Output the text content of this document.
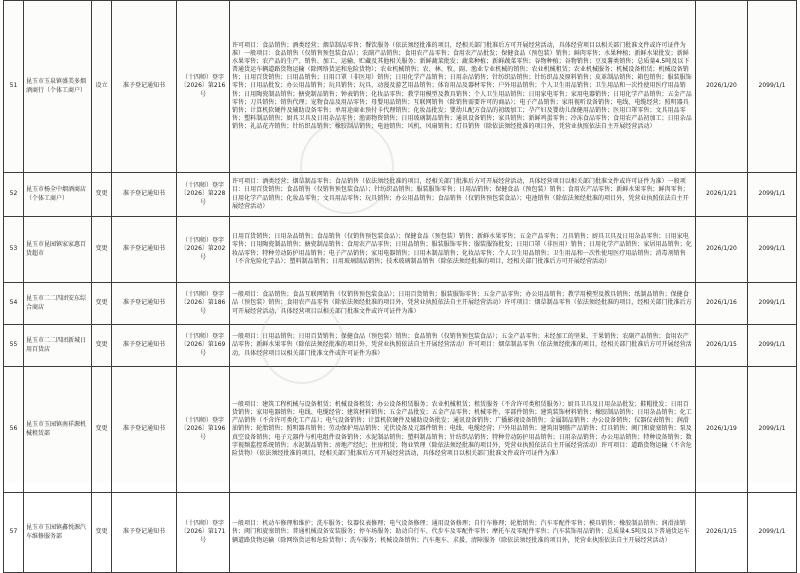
51	昆玉市玉泉镇盛美多烟酒商行（个体工商户）	设立	准予登记通知书	（十四师）登字〔2026〕第216号	许可项目：食品销售；酒类经营；烟草制品零售；餐饮服务（依法须经批准的项目，经相关部门批准后方可开展经营活动，具体经营项目以相关部门批准文件或许可证件为准）一般项目：食品销售（仅销售预包装食品）；农副产品销售；食用农产品零售；食用农产品批发；保健食品（预包装）销售；鲜肉零售；水果种植；新鲜水果批发；新鲜水果零售；农产品的生产、销售、加工、运输、贮藏及其他相关服务；新鲜蔬菜批发；蔬菜种植；新鲜蔬菜零售；谷物种植；谷物销售；豆及薯类销售；总质量4.5吨及以下普通货运车辆道路货物运输（除网络货运和危险货物）；农业机械销售；农、林、牧、副、渔业专业机械的销售；农业机械租赁；农业机械服务；机械设备租赁；机械设备销售；日用百货销售；日用品销售；日用口罩（非医用）销售；日用化学产品销售；日用杂品销售；针纺织品销售；针纺织品及原料销售；皮革制品销售；箱包销售；服装服饰零售；日用品批发；办公用品销售；玩具销售；玩具、动漫及游艺用品销售；体育用品及器材零售；户外用品销售；个人卫生用品销售；卫生用品和一次性使用医疗用品销售；日用陶瓷制品销售；搪瓷制品销售；钟表销售；化妆品零售；教学用模型及教具销售；个人卫生用品销售；日用家电零售；家用电器销售；日用化学产品销售；五金产品零售；刀具销售；销售代理；宠物食品及用品零售；母婴用品销售；互联网销售（除销售需要许可的商品）；电子产品销售；家用视听设备销售；电线、电缆经营；照明器具销售；计算机软硬件及辅助设备零售；单用途商业预付卡代理销售；化妆品批发；婴幼儿配方食品的初级加工；孕产妇及婴幼儿保健用品销售；医用口罩零售；文具用品零售；塑料制品销售；厨具卫具及日用杂品零售；渔需物资销售；日用玻璃制品销售；通讯设备销售；家具销售；新鲜鸡蛋零售；冷冻食品零售；食用农产品初加工；日用杂品销售；礼品花卉销售；针纺织品销售；橡胶制品销售；电池销售；风机、风扇销售；灯具销售（除依法须经批准的项目外，凭营业执照依法自主开展经营活动）	2026/1/20	2099/1/1
52	昆玉市杨全中烟酒商店（个体工商户）	变更	准予登记通知书	（十四师）登字〔2026〕第228号	许可项目：酒类经营；烟草制品零售；食品销售（依法须经批准的项目，经相关部门批准后方可开展经营活动，具体经营项目以相关部门批准文件或许可证件为准）一般项目：日用百货销售；食品销售（仅销售预包装食品）；针纺织品销售；服装服饰零售；日用品销售；保健食品（预包装）销售；食用农产品零售；新鲜水果零售；鲜肉零售；日用化学产品销售；化妆品零售；文具用品零售；玩具销售；办公用品销售；食品销售（仅销售预包装食品）；电池销售（除依法须经批准的项目外，凭营业执照依法自主开展经营活动）	2026/1/21	2099/1/1
53	昆玉市昆园镇家家惠百货超市	变更	准予登记通知书	（十四师）登字〔2026〕第202号	日用百货销售；日用杂品销售；食品销售（仅销售预包装食品）；保健食品（预包装）销售；新鲜水果零售；五金产品零售；刀具销售；厨具卫具及日用杂品零售；日用家电零售；日用陶瓷制品销售；搪瓷制品销售；食用农产品零售；日用品销售；服装服饰零售；服装服饰批发；日用口罩（非医用）销售；日用化学产品销售；家居用品销售；化妆品零售；特种劳动防护用品销售；电子产品销售；家用电器销售；日用木制品销售；化妆品零售；个人卫生用品销售；卫生用品和一次性使用医疗用品销售；消毒剂销售（不含危险化学品）；塑料制品销售；日用玻璃制品销售；技术玻璃制品销售（除依法须经批准的项目，经相关部门批准后方可开展经营活动）	2026/1/20	2099/1/1
54	昆玉市二二四团安东综合商店	变更	准予登记通知书	（十四师）登字〔2026〕第186号	一般项目：食品销售；食品互联网销售（仅销售预包装食品）；日用百货销售；服装服饰零售；五金产品零售；办公用品销售；教学用模型及教具销售；纸制品销售；保健食品（预包装）销售；食用农产品零售（除依法须经批准的项目外，凭营业执照依法自主开展经营活动）许可项目：烟草制品零售（依法须经批准的项目，经相关部门批准后方可开展经营活动，具体经营项目以相关部门批准文件或许可证件为准）	2026/1/16	2099/1/1
55	昆玉市二二四团新城日用百货店	变更	准予登记通知书	（十四师）登字〔2026〕第169号	一般项目：日用品销售；日用百货销售；保健食品（预包装）销售；食品销售（仅销售预包装食品）；五金产品零售；未经加工的坚果、干果销售；农副产品销售；食用农产品零售；新鲜水果零售（除依法须经批准的项目外，凭营业执照依法自主开展经营活动）许可项目：烟草制品零售（依法须经批准的项目，经相关部门批准后方可开展经营活动，具体经营项目以相关部门批准文件或许可证件为准）	2026/1/15	2099/1/1
56	昆玉市玉园镇南祥源机械租赁部	变更	准予登记通知书	（十四师）登字〔2026〕第196号	一般项目：建筑工程机械与设备租赁；机械设备租赁；办公设备租赁服务；农业机械租赁；租赁服务（不含许可类租赁服务）；厨具卫具及日用杂品批发；鞋帽批发；日用百货销售；家用电器销售；电线、电缆经营；建筑材料销售；五金产品批发；五金产品零售；机械零件、零部件销售；建筑装饰材料销售；橡胶制品销售；日用杂品销售；化工产品销售（不含许可类化工产品）；电气设备销售；计算机软硬件及辅助设备批发；通讯设备销售；广播影视设备销售；金属制品销售；办公设备销售；仪器仪表销售；润滑油销售；轮胎销售；照明器具销售；劳动保护用品销售；光伏设备及元器件销售；电线、电缆经营；户外用品销售；建筑用钢筋产品销售；灯具销售；阀门和旋塞销售；泵及真空设备销售；电子元器件与机电组件设备销售；水泥制品销售；塑料制品销售；针纺织品销售；特种劳动防护用品销售；日用杂品销售；办公用品销售；特种设备销售；数字视频监控系统销售；水泥制品销售；房地产经纪；住房租赁；物业管理（除依法须经批准的项目外，凭营业执照依法自主开展经营活动）许可项目：道路货物运输（不含危险货物）（依法须经批准的项目，经相关部门批准后方可开展经营活动，具体经营项目以相关部门批准文件或许可证件为准）	2026/1/19	2099/1/1
57	昆玉市玉园镇鑫悦源汽车维修服务部	变更	准予登记通知书	（十四师）登字〔2026〕第171号	一般项目：机动车修理和维护；洗车服务；仪器仪表修理；电气设备修理；通用设备修理；自行车修理；轮胎销售；汽车零配件零售；模具销售；橡胶制品销售；润滑油销售；阀门和旋塞销售；普通机械设备安装服务；停车场服务；助动自行车、代步车及零配件零售；摩托车及零配件零售；汽车装饰用品销售；总质量4.5吨及以下普通货运车辆道路货物运输（除网络货运和危险货物）；洗车服务；机械设备销售；汽车拖车、求援、清障服务（除依法须经批准的项目外，凭营业执照依法自主开展经营活动）	2026/1/15	2099/1/1
